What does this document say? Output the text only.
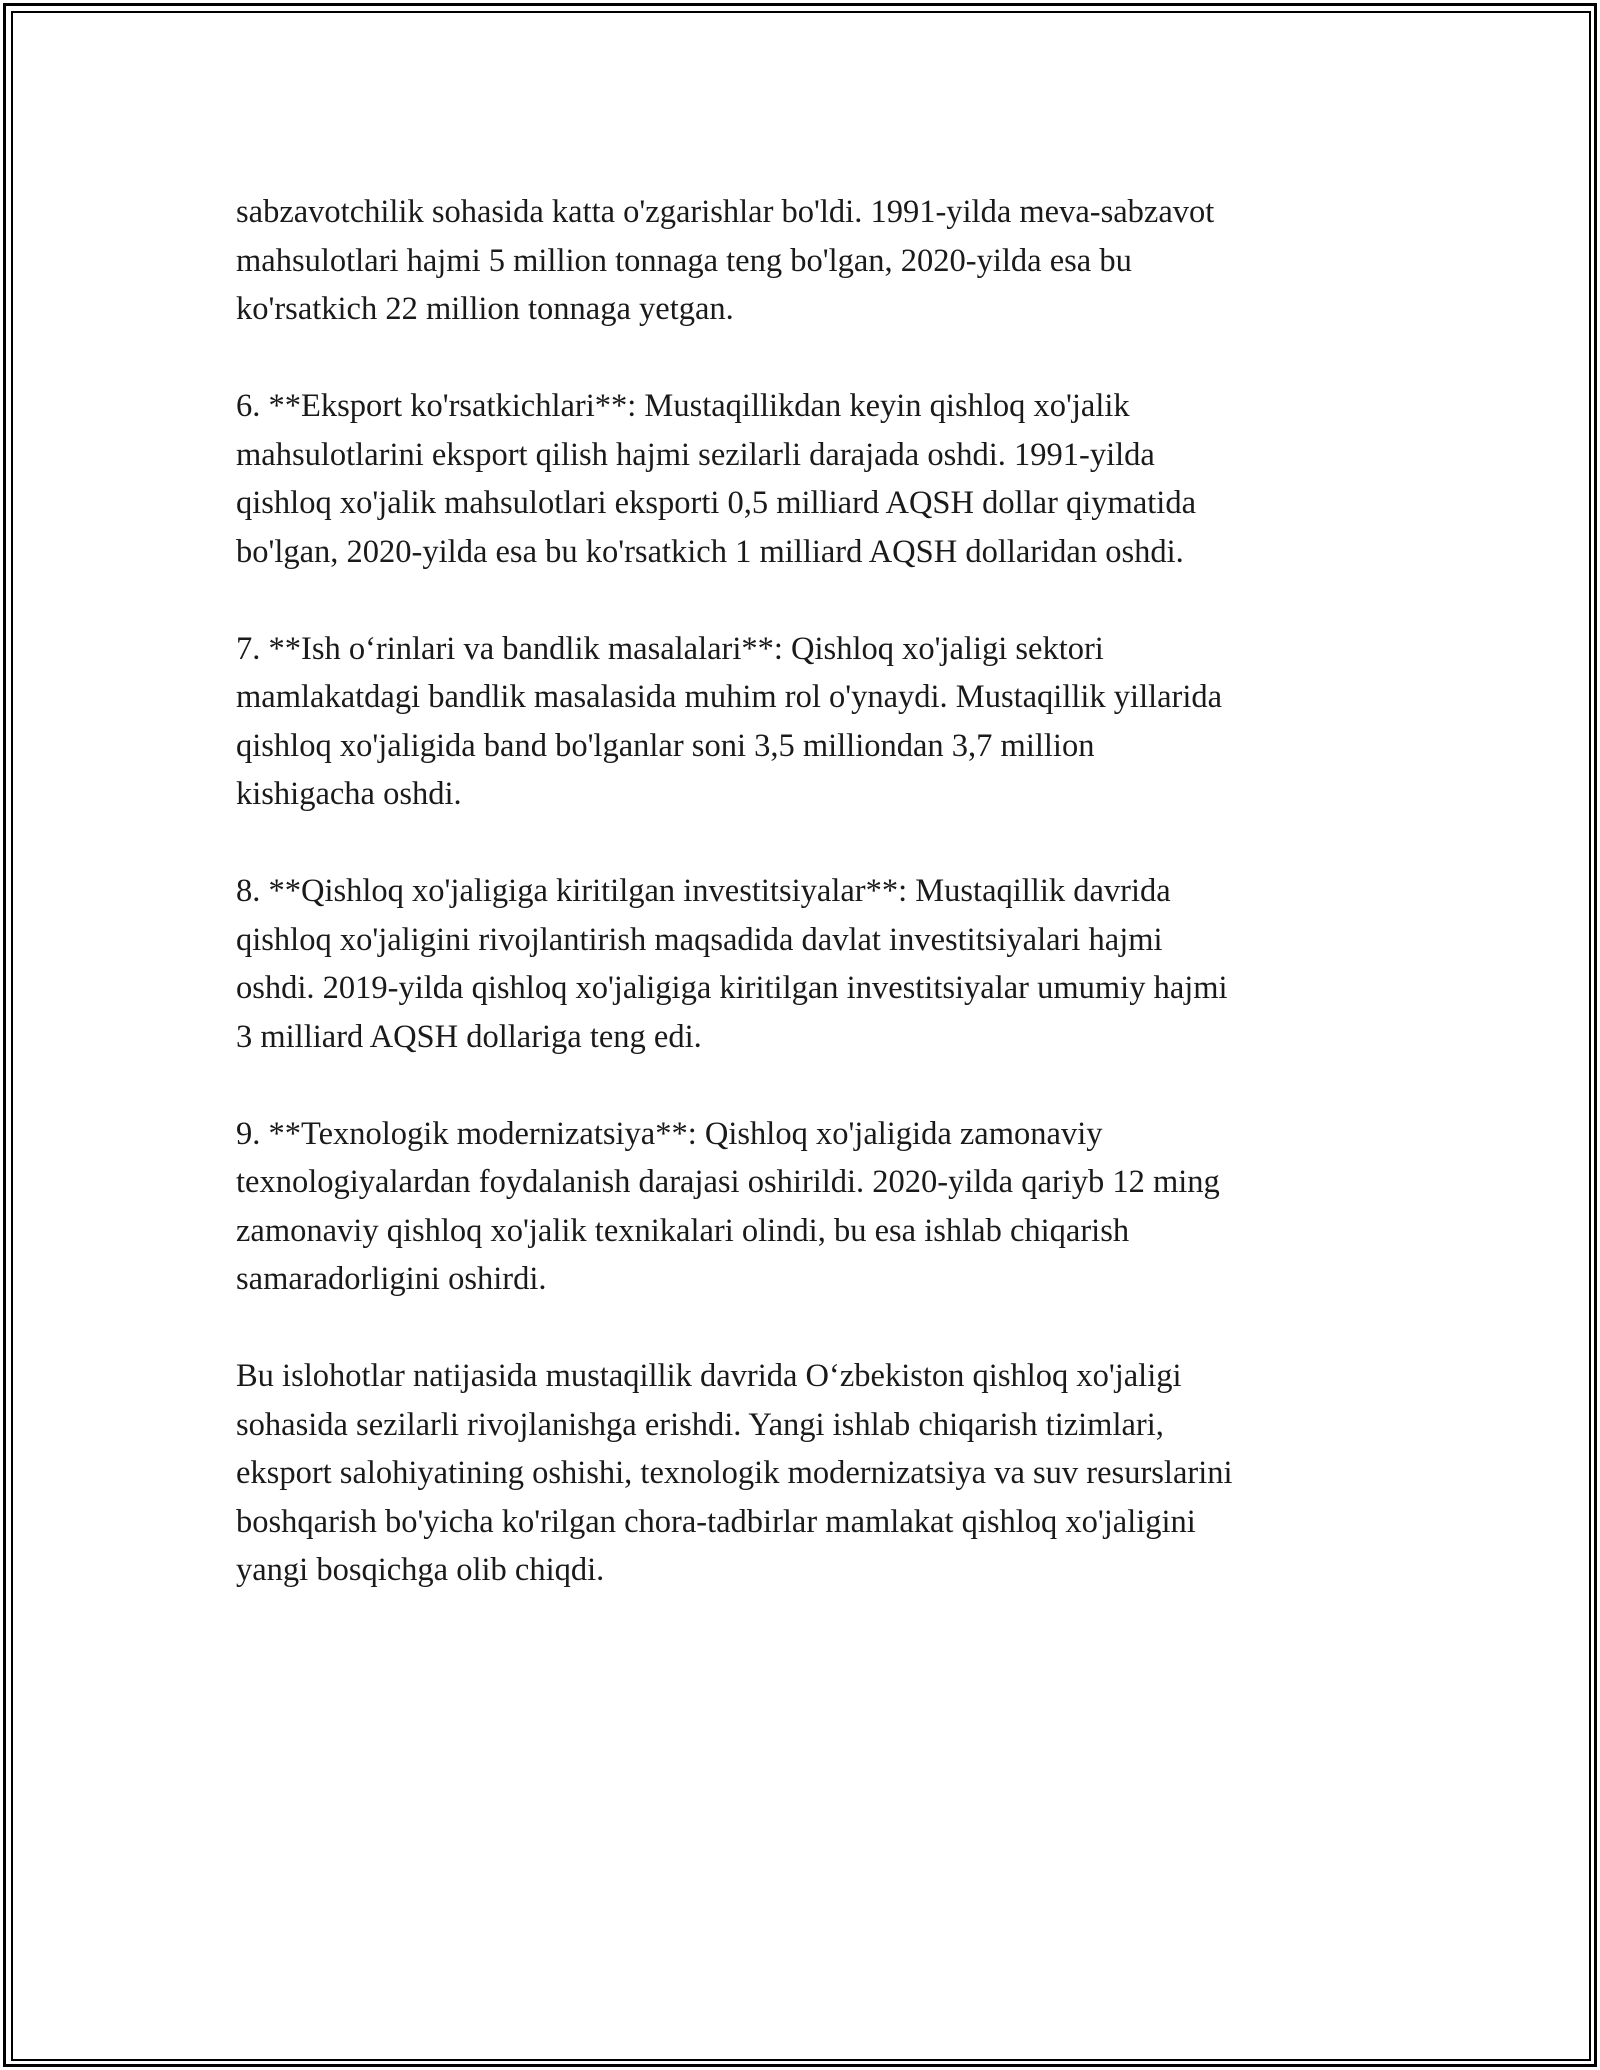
sabzavotchilik sohasida katta o'zgarishlar bo'ldi. 1991-yilda meva-sabzavot
mahsulotlari hajmi 5 million tonnaga teng bo'lgan, 2020-yilda esa bu
ko'rsatkich 22 million tonnaga yetgan.

6. **Eksport ko'rsatkichlari**: Mustaqillikdan keyin qishloq xo'jalik
mahsulotlarini eksport qilish hajmi sezilarli darajada oshdi. 1991-yilda
qishloq xo'jalik mahsulotlari eksporti 0,5 milliard AQSH dollar qiymatida
bo'lgan, 2020-yilda esa bu ko'rsatkich 1 milliard AQSH dollaridan oshdi.

7. **Ish o‘rinlari va bandlik masalalari**: Qishloq xo'jaligi sektori
mamlakatdagi bandlik masalasida muhim rol o'ynaydi. Mustaqillik yillarida
qishloq xo'jaligida band bo'lganlar soni 3,5 milliondan 3,7 million
kishigacha oshdi.

8. **Qishloq xo'jaligiga kiritilgan investitsiyalar**: Mustaqillik davrida
qishloq xo'jaligini rivojlantirish maqsadida davlat investitsiyalari hajmi
oshdi. 2019-yilda qishloq xo'jaligiga kiritilgan investitsiyalar umumiy hajmi
3 milliard AQSH dollariga teng edi.

9. **Texnologik modernizatsiya**: Qishloq xo'jaligida zamonaviy
texnologiyalardan foydalanish darajasi oshirildi. 2020-yilda qariyb 12 ming
zamonaviy qishloq xo'jalik texnikalari olindi, bu esa ishlab chiqarish
samaradorligini oshirdi.

Bu islohotlar natijasida mustaqillik davrida O‘zbekiston qishloq xo'jaligi
sohasida sezilarli rivojlanishga erishdi. Yangi ishlab chiqarish tizimlari,
eksport salohiyatining oshishi, texnologik modernizatsiya va suv resurslarini
boshqarish bo'yicha ko'rilgan chora-tadbirlar mamlakat qishloq xo'jaligini
yangi bosqichga olib chiqdi.
